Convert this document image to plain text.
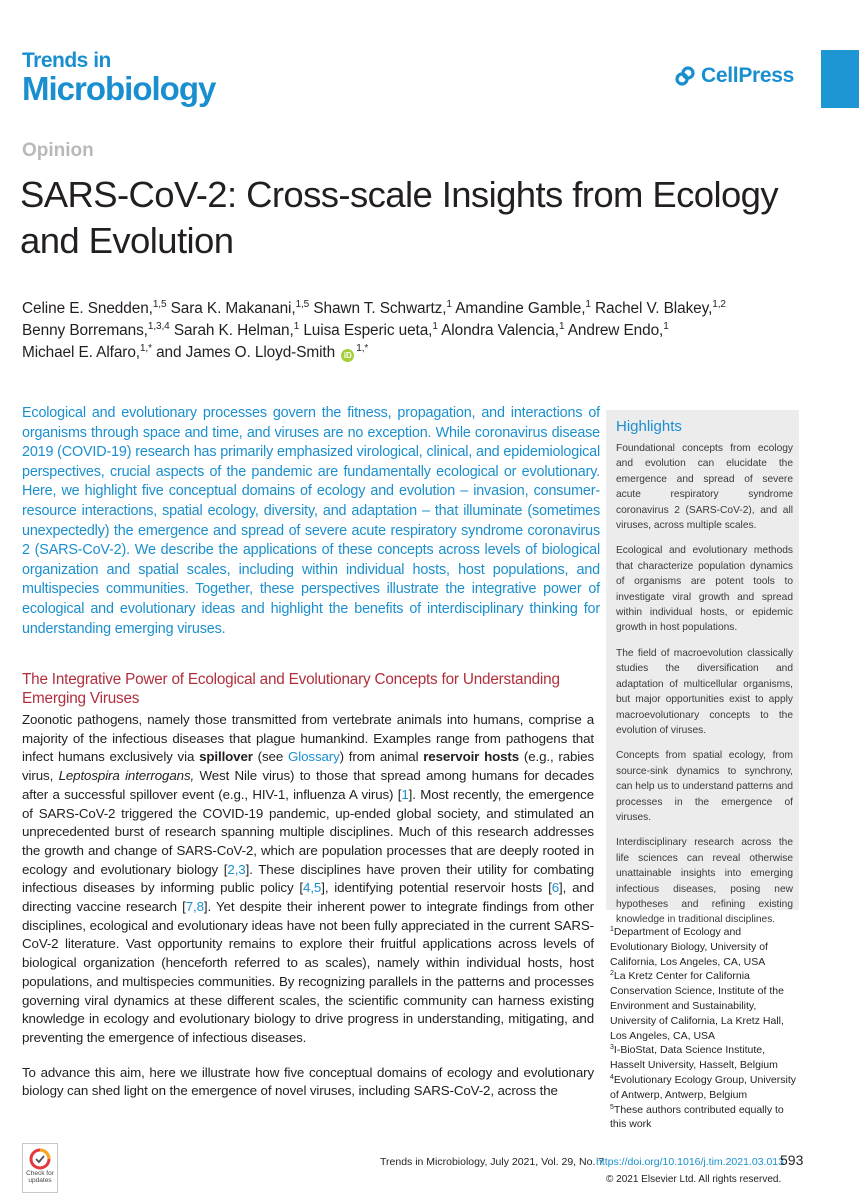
Trends in
Microbiology	CellPress
Opinion
SARS-CoV-2: Cross-scale Insights from Ecology and Evolution
Celine E. Snedden,$^{1,5}$ Sara K. Makanani,$^{1,5}$ Shawn T. Schwartz,$^1$ Amandine Gamble,$^1$ Rachel V. Blakey,$^{1,2}$
Benny Borremans,$^{1,3,4}$ Sarah K. Helman,$^1$ Luisa Esperic ueta,$^1$ Alondra Valencia,$^1$ Andrew Endo,$^1$
Michael E. Alfaro,$^{1,*}$ and James O. Lloyd-Smith $iD^{1,*}$
Ecological and evolutionary processes govern the fitness, propagation, and interactions of organisms through space and time, and viruses are no exception. While coronavirus disease 2019 (COVID-19) research has primarily emphasized virological, clinical, and epidemiological perspectives, crucial aspects of the pandemic are fundamentally ecological or evolutionary. Here, we highlight five conceptual domains of ecology and evolution – invasion, consumer-resource interactions, spatial ecology, diversity, and adaptation – that illuminate (sometimes unexpectedly) the emergence and spread of severe acute respiratory syndrome coronavirus 2 (SARS-CoV-2). We describe the applications of these concepts across levels of biological organization and spatial scales, including within individual hosts, host populations, and multispecies communities. Together, these perspectives illustrate the integrative power of ecological and evolutionary ideas and highlight the benefits of interdisciplinary thinking for understanding emerging viruses.
Highlights

Foundational concepts from ecology and evolution can elucidate the emergence and spread of severe acute respiratory syndrome coronavirus 2 (SARS-CoV-2), and all viruses, across multiple scales.

Ecological and evolutionary methods that characterize population dynamics of organisms are potent tools to investigate viral growth and spread within individual hosts, or epidemic growth in host populations.

The field of macroevolution classically studies the diversification and adaptation of multicellular organisms, but major opportunities exist to apply macroevolutionary concepts to the evolution of viruses.

Concepts from spatial ecology, from source-sink dynamics to synchrony, can help us to understand patterns and processes in the emergence of viruses.

Interdisciplinary research across the life sciences can reveal otherwise unattainable insights into emerging infectious diseases, posing new hypotheses and refining existing knowledge in traditional disciplines.

The Integrative Power of Ecological and Evolutionary Concepts for Understanding Emerging Viruses

Zoonotic pathogens, namely those transmitted from vertebrate animals into humans, comprise a majority of the infectious diseases that plague humankind. Examples range from pathogens that infect humans exclusively via spillover (see Glossary) from animal reservoir hosts (e.g., rabies virus, Leptospira interrogans, West Nile virus) to those that spread among humans for decades after a successful spillover event (e.g., HIV-1, influenza A virus) [1]. Most recently, the emergence of SARS-CoV-2 triggered the COVID-19 pandemic, up-ended global society, and stimulated an unprecedented burst of research spanning multiple disciplines. Much of this research addresses the growth and change of SARS-CoV-2, which are population processes that are deeply rooted in ecology and evolutionary biology [2,3]. These disciplines have proven their utility for combating infectious diseases by informing public policy [4,5], identifying potential reservoir hosts [6], and directing vaccine research [7,8]. Yet despite their inherent power to integrate findings from other disciplines, ecological and evolutionary ideas have not been fully appreciated in the current SARS-CoV-2 literature. Vast opportunity remains to explore their fruitful applications across levels of biological organization (henceforth referred to as scales), namely within individual hosts, host populations, and multispecies communities. By recognizing parallels in the patterns and processes governing viral dynamics at these different scales, the scientific community can harness existing knowledge in ecology and evolutionary biology to drive progress in understanding, mitigating, and preventing the emergence of infectious diseases.

To advance this aim, here we illustrate how five conceptual domains of ecology and evolutionary biology can shed light on the emergence of novel viruses, including SARS-CoV-2, across the

$^1$Department of Ecology and Evolutionary Biology, University of California, Los Angeles, CA, USA
$^2$La Kretz Center for California Conservation Science, Institute of the Environment and Sustainability, University of California, La Kretz Hall, Los Angeles, CA, USA
$^3$I-BioStat, Data Science Institute, Hasselt University, Hasselt, Belgium
$^4$Evolutionary Ecology Group, University of Antwerp, Antwerp, Belgium
$^5$These authors contributed equally to this work
Check for updates
Trends in Microbiology, July 2021, Vol. 29, No. 7
https://doi.org/10.1016/j.tim.2021.03.013
593
© 2021 Elsevier Ltd. All rights reserved.
